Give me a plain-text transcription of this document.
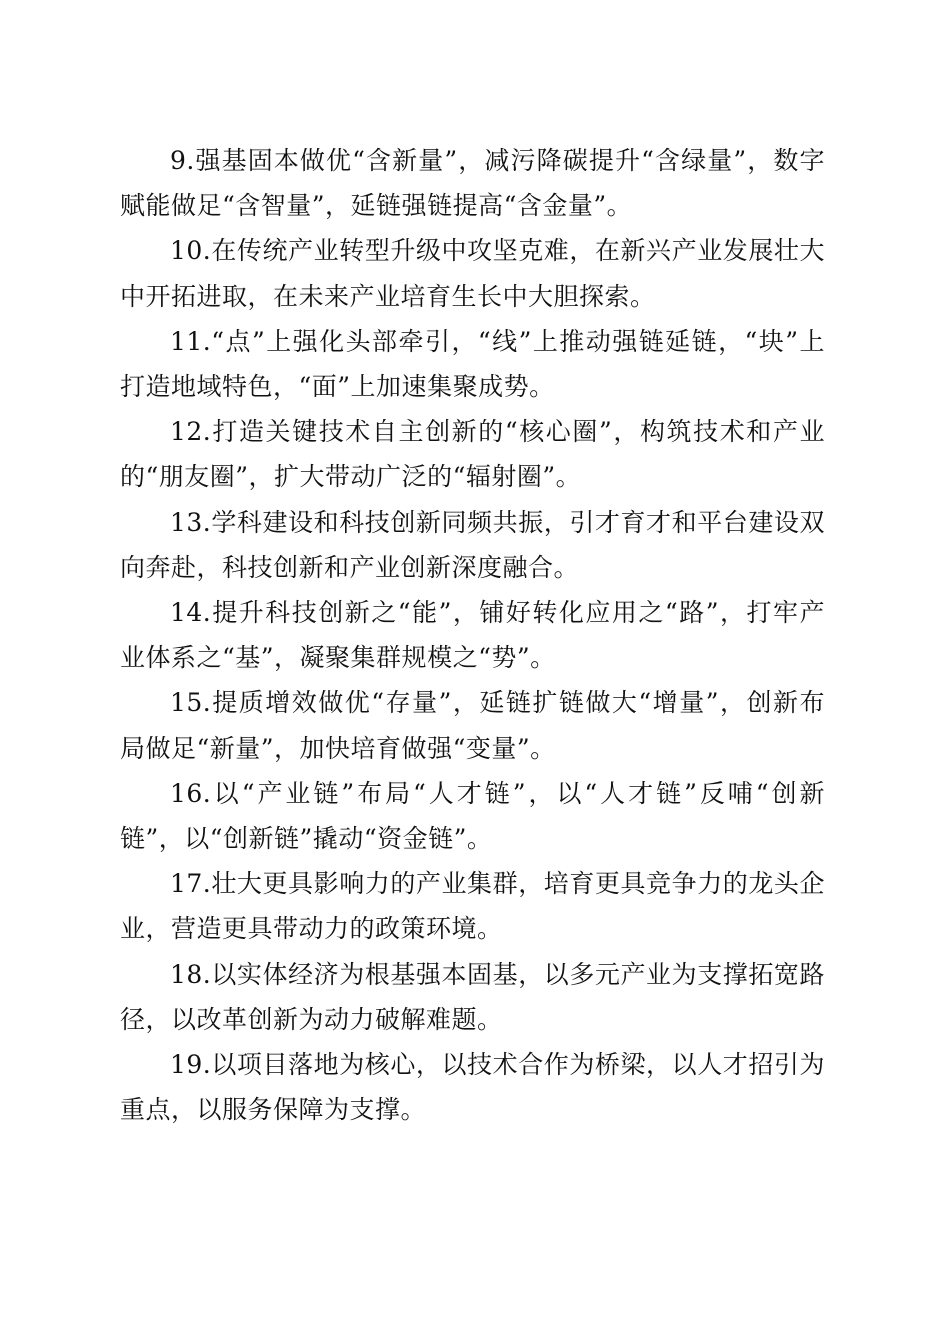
9.强基固本做优“含新量”，减污降碳提升“含绿量”，数字赋能做足“含智量”，延链强链提高“含金量”。

10.在传统产业转型升级中攻坚克难，在新兴产业发展壮大中开拓进取，在未来产业培育生长中大胆探索。

11.“点”上强化头部牵引，“线”上推动强链延链，“块”上打造地域特色，“面”上加速集聚成势。

12.打造关键技术自主创新的“核心圈”，构筑技术和产业的“朋友圈”，扩大带动广泛的“辐射圈”。

13.学科建设和科技创新同频共振，引才育才和平台建设双向奔赴，科技创新和产业创新深度融合。

14.提升科技创新之“能”，铺好转化应用之“路”，打牢产业体系之“基”，凝聚集群规模之“势”。

15.提质增效做优“存量”，延链扩链做大“增量”，创新布局做足“新量”，加快培育做强“变量”。

16.以“产业链”布局“人才链”，以“人才链”反哺“创新链”，以“创新链”撬动“资金链”。

17.壮大更具影响力的产业集群，培育更具竞争力的龙头企业，营造更具带动力的政策环境。

18.以实体经济为根基强本固基，以多元产业为支撑拓宽路径，以改革创新为动力破解难题。

19.以项目落地为核心，以技术合作为桥梁，以人才招引为重点，以服务保障为支撑。
